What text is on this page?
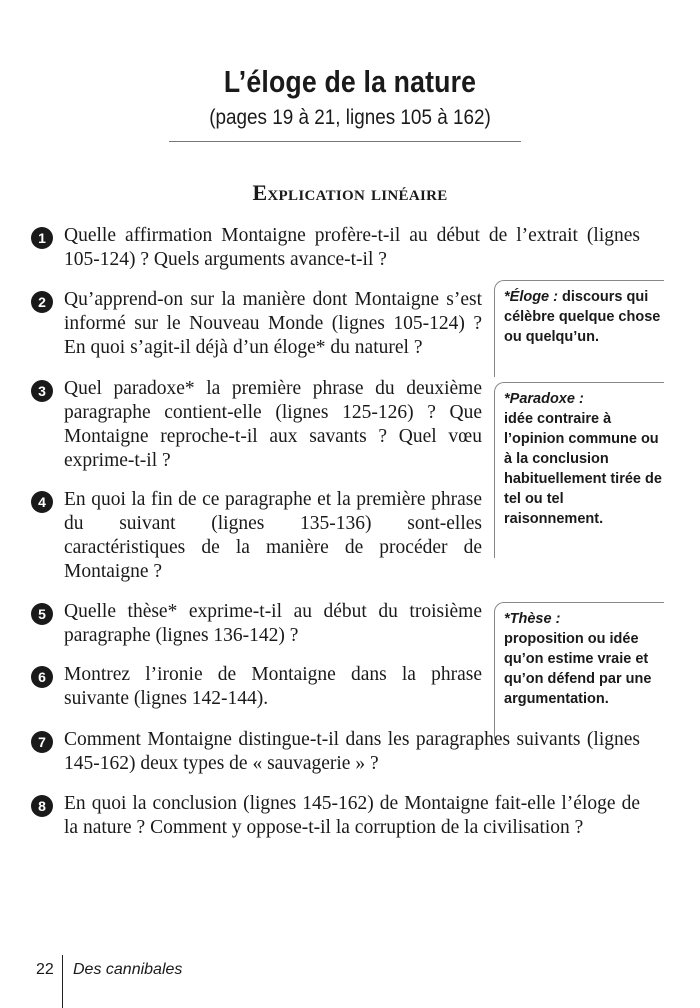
L’éloge de la nature
(pages 19 à 21, lignes 105 à 162)
Explication linéaire
1 Quelle affirmation Montaigne profère-t-il au début de l’extrait (lignes 105-124) ? Quels arguments avance-t-il ?
2 Qu’apprend-on sur la manière dont Montaigne s’est informé sur le Nouveau Monde (lignes 105-124) ? En quoi s’agit-il déjà d’un éloge* du naturel ?
3 Quel paradoxe* la première phrase du deuxième paragraphe contient-elle (lignes 125-126) ? Que Montaigne reproche-t-il aux savants ? Quel vœu exprime-t-il ?
4 En quoi la fin de ce paragraphe et la première phrase du suivant (lignes 135-136) sont-elles caractéristiques de la manière de procéder de Montaigne ?
5 Quelle thèse* exprime-t-il au début du troisième paragraphe (lignes 136-142) ?
6 Montrez l’ironie de Montaigne dans la phrase suivante (lignes 142-144).
7 Comment Montaigne distingue-t-il dans les paragraphes suivants (lignes 145-162) deux types de « sauvagerie » ?
8 En quoi la conclusion (lignes 145-162) de Montaigne fait-elle l’éloge de la nature ? Comment y oppose-t-il la corruption de la civilisation ?
*Éloge : discours qui célèbre quelque chose ou quelqu’un.
*Paradoxe :
idée contraire à l’opinion commune ou à la conclusion habituellement tirée de tel ou tel raisonnement.
*Thèse :
proposition ou idée qu’on estime vraie et qu’on défend par une argumentation.
22 Des cannibales
